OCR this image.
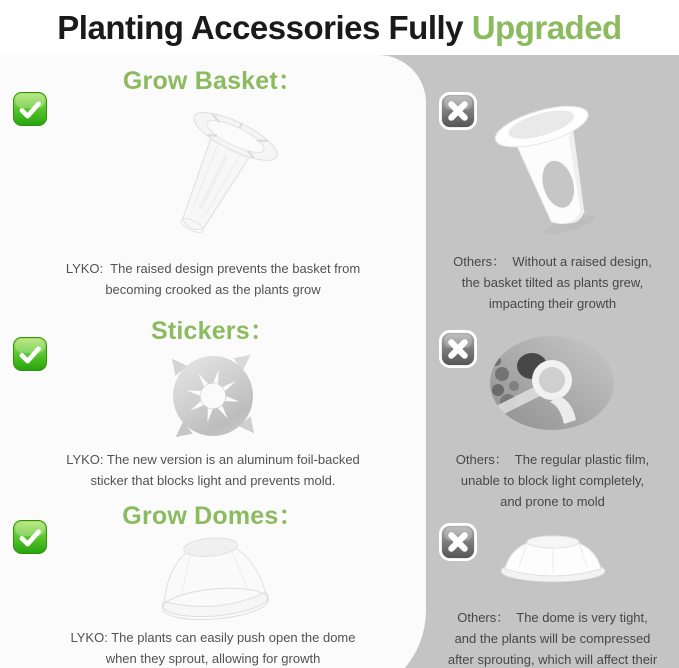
Planting Accessories Fully Upgraded
Grow Basket：
LYKO:  The raised design prevents the basket from
becoming crooked as the plants grow
Stickers：
LYKO: The new version is an aluminum foil-backed
sticker that blocks light and prevents mold.
Grow Domes：
LYKO: The plants can easily push open the dome
when they sprout, allowing for growth
Others：  Without a raised design,
the basket tilted as plants grew,
impacting their growth
Others：  The regular plastic film,
unable to block light completely,
and prone to mold
Others：  The dome is very tight,
and the plants will be compressed
after sprouting, which will affect their
